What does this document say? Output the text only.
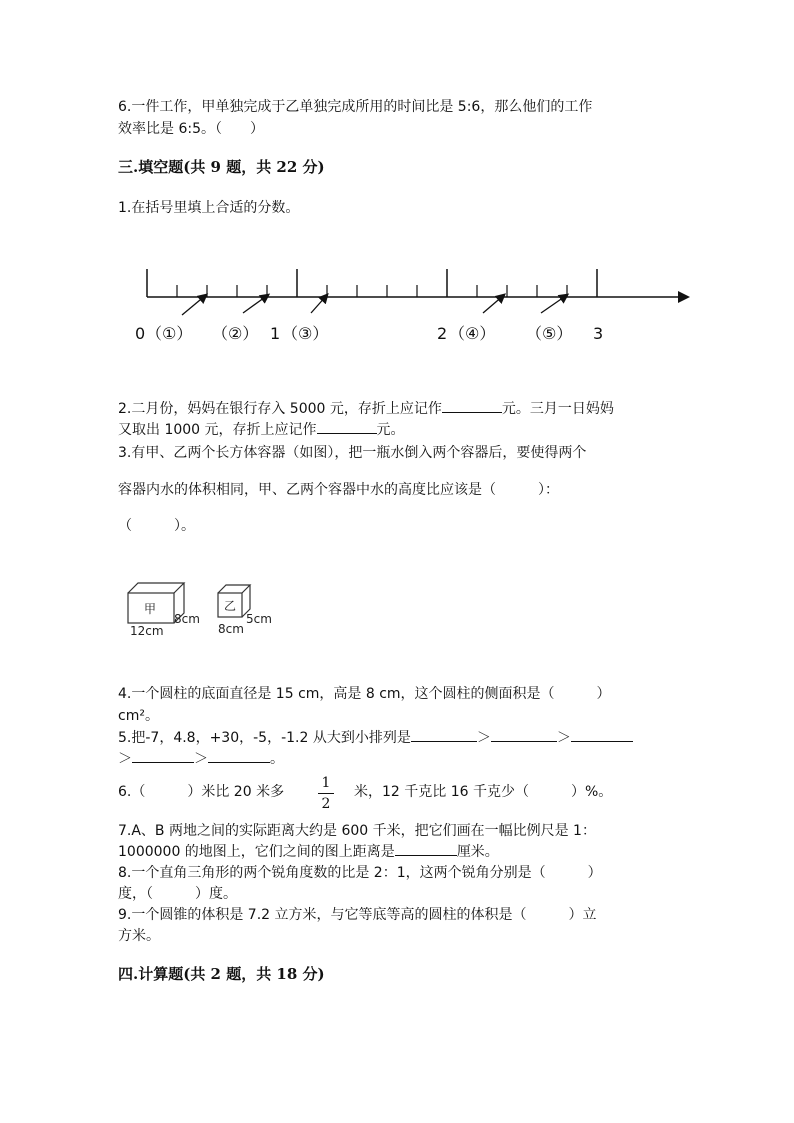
6.一件工作，甲单独完成于乙单独完成所用的时间比是 5:6，那么他们的工作
效率比是 6:5。（　　）
三.填空题(共 9 题，共 22 分)
1.在括号里填上合适的分数。
0 （①） （②） 1 （③）	2 （④） （⑤） 3
2.二月份，妈妈在银行存入 5000 元，存折上应记作	元。三月一日妈妈
又取出 1000 元，存折上应记作	元。
3.有甲、乙两个长方体容器（如图），把一瓶水倒入两个容器后，要使得两个
容器内水的体积相同，甲、乙两个容器中水的高度比应该是（　　　）：
（　　　）。
甲
12cm
8cm
乙
8cm
5cm
4.一个圆柱的底面直径是 15 cm，高是 8 cm，这个圆柱的侧面积是（　　　）
cm²。
5.把-7，4.8，+30，-5，-1.2 从大到小排列是	＞	＞
＞	＞	。
6.（　　　）米比 20 米多
1
2
米，12 千克比 16 千克少（　　　）%。
7.A、B 两地之间的实际距离大约是 600 千米，把它们画在一幅比例尺是 1：
1000000 的地图上，它们之间的图上距离是	厘米。
8.一个直角三角形的两个锐角度数的比是 2：1，这两个锐角分别是（　　　）
度，（　　　）度。
9.一个圆锥的体积是 7.2 立方米，与它等底等高的圆柱的体积是（　　　）立
方米。
四.计算题(共 2 题，共 18 分)
